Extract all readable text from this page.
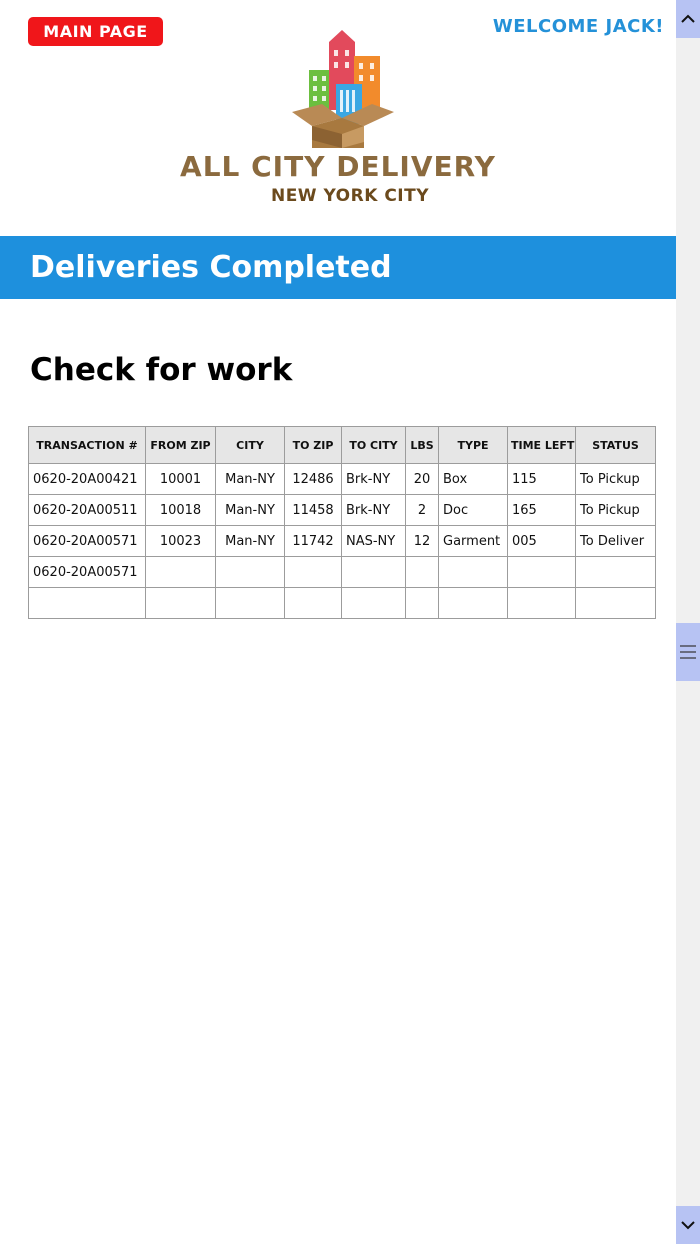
MAIN PAGE	WELCOME JACK!
ALL CITY DELIVERY
NEW YORK CITY
Deliveries Completed
Check for work
TRANSACTION #	FROM ZIP	CITY	TO ZIP	TO CITY	LBS	TYPE	TIME LEFT	STATUS
0620-20A00421	10001	Man-NY	12486	Brk-NY	20	Box	115	To Pickup
0620-20A00511	10018	Man-NY	11458	Brk-NY	2	Doc	165	To Pickup
0620-20A00571	10023	Man-NY	11742	NAS-NY	12	Garment	005	To Deliver
0620-20A00571								
